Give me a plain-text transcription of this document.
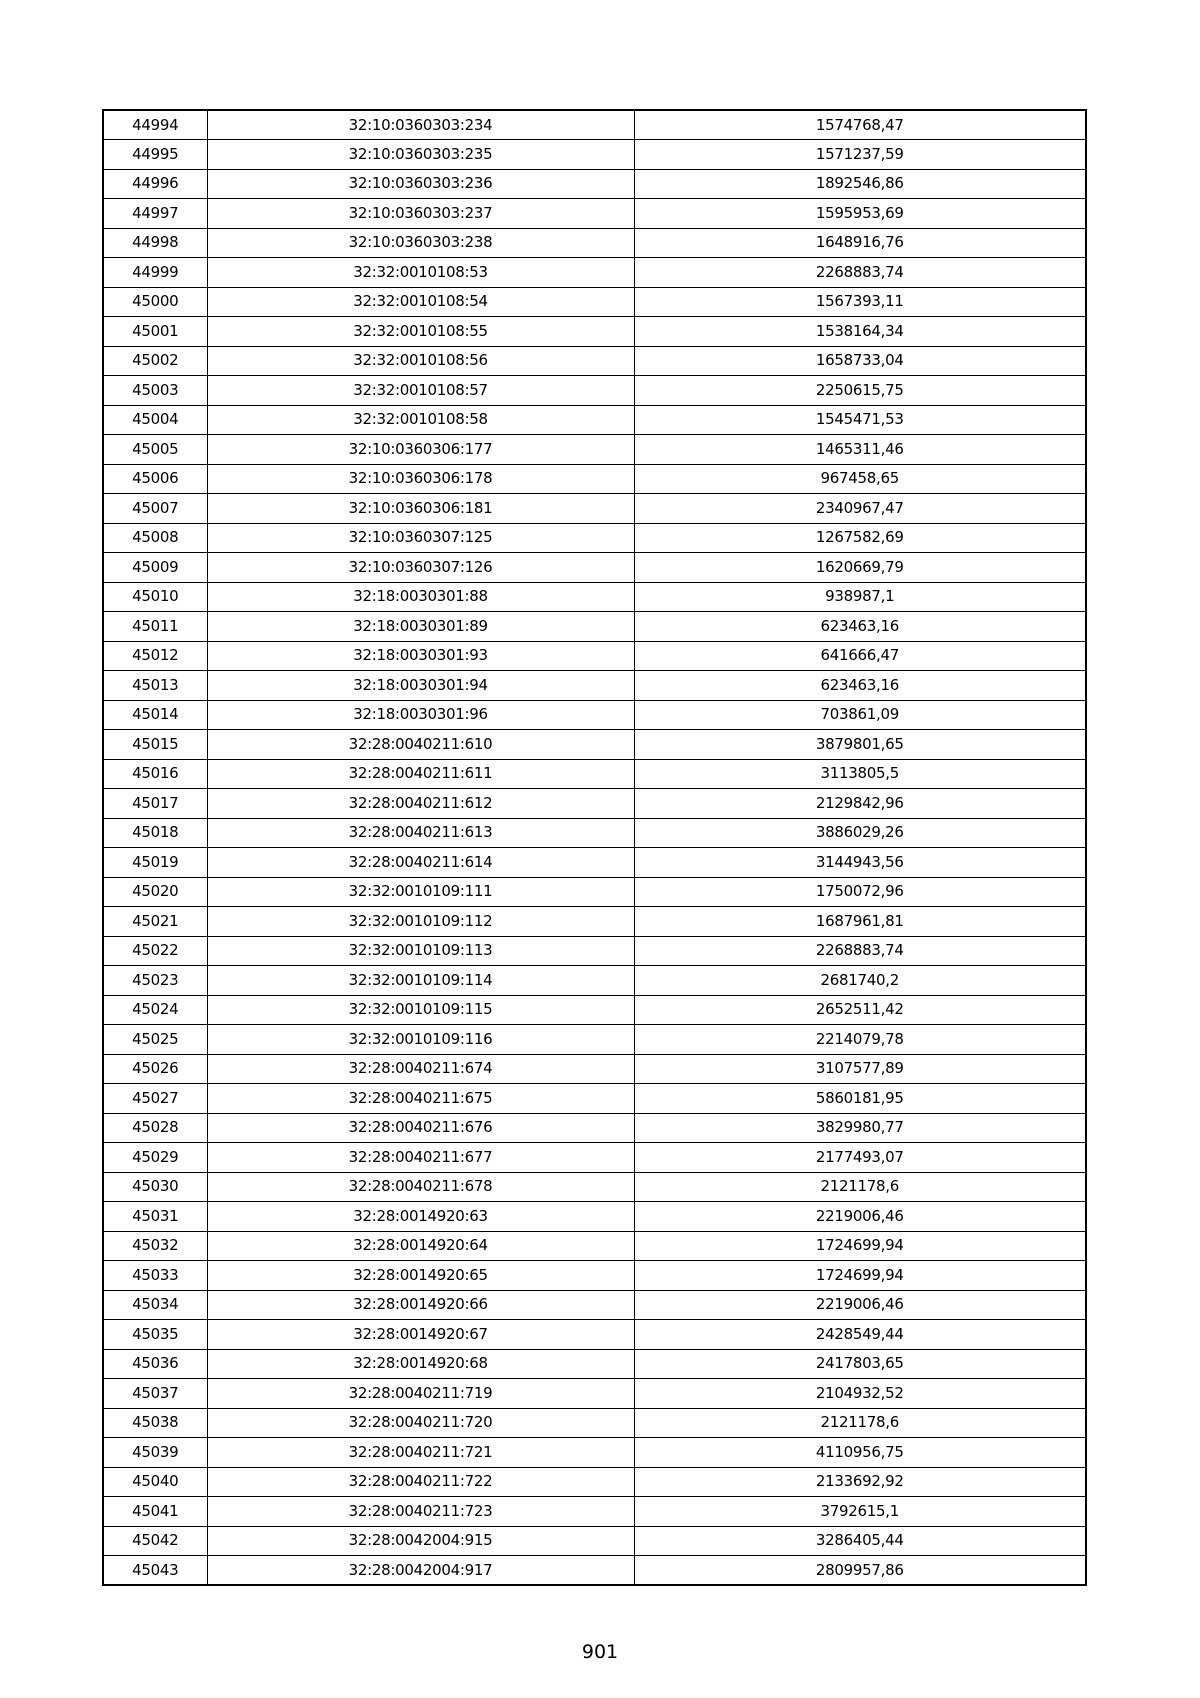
44994	32:10:0360303:234	1574768,47
44995	32:10:0360303:235	1571237,59
44996	32:10:0360303:236	1892546,86
44997	32:10:0360303:237	1595953,69
44998	32:10:0360303:238	1648916,76
44999	32:32:0010108:53	2268883,74
45000	32:32:0010108:54	1567393,11
45001	32:32:0010108:55	1538164,34
45002	32:32:0010108:56	1658733,04
45003	32:32:0010108:57	2250615,75
45004	32:32:0010108:58	1545471,53
45005	32:10:0360306:177	1465311,46
45006	32:10:0360306:178	967458,65
45007	32:10:0360306:181	2340967,47
45008	32:10:0360307:125	1267582,69
45009	32:10:0360307:126	1620669,79
45010	32:18:0030301:88	938987,1
45011	32:18:0030301:89	623463,16
45012	32:18:0030301:93	641666,47
45013	32:18:0030301:94	623463,16
45014	32:18:0030301:96	703861,09
45015	32:28:0040211:610	3879801,65
45016	32:28:0040211:611	3113805,5
45017	32:28:0040211:612	2129842,96
45018	32:28:0040211:613	3886029,26
45019	32:28:0040211:614	3144943,56
45020	32:32:0010109:111	1750072,96
45021	32:32:0010109:112	1687961,81
45022	32:32:0010109:113	2268883,74
45023	32:32:0010109:114	2681740,2
45024	32:32:0010109:115	2652511,42
45025	32:32:0010109:116	2214079,78
45026	32:28:0040211:674	3107577,89
45027	32:28:0040211:675	5860181,95
45028	32:28:0040211:676	3829980,77
45029	32:28:0040211:677	2177493,07
45030	32:28:0040211:678	2121178,6
45031	32:28:0014920:63	2219006,46
45032	32:28:0014920:64	1724699,94
45033	32:28:0014920:65	1724699,94
45034	32:28:0014920:66	2219006,46
45035	32:28:0014920:67	2428549,44
45036	32:28:0014920:68	2417803,65
45037	32:28:0040211:719	2104932,52
45038	32:28:0040211:720	2121178,6
45039	32:28:0040211:721	4110956,75
45040	32:28:0040211:722	2133692,92
45041	32:28:0040211:723	3792615,1
45042	32:28:0042004:915	3286405,44
45043	32:28:0042004:917	2809957,86
901
